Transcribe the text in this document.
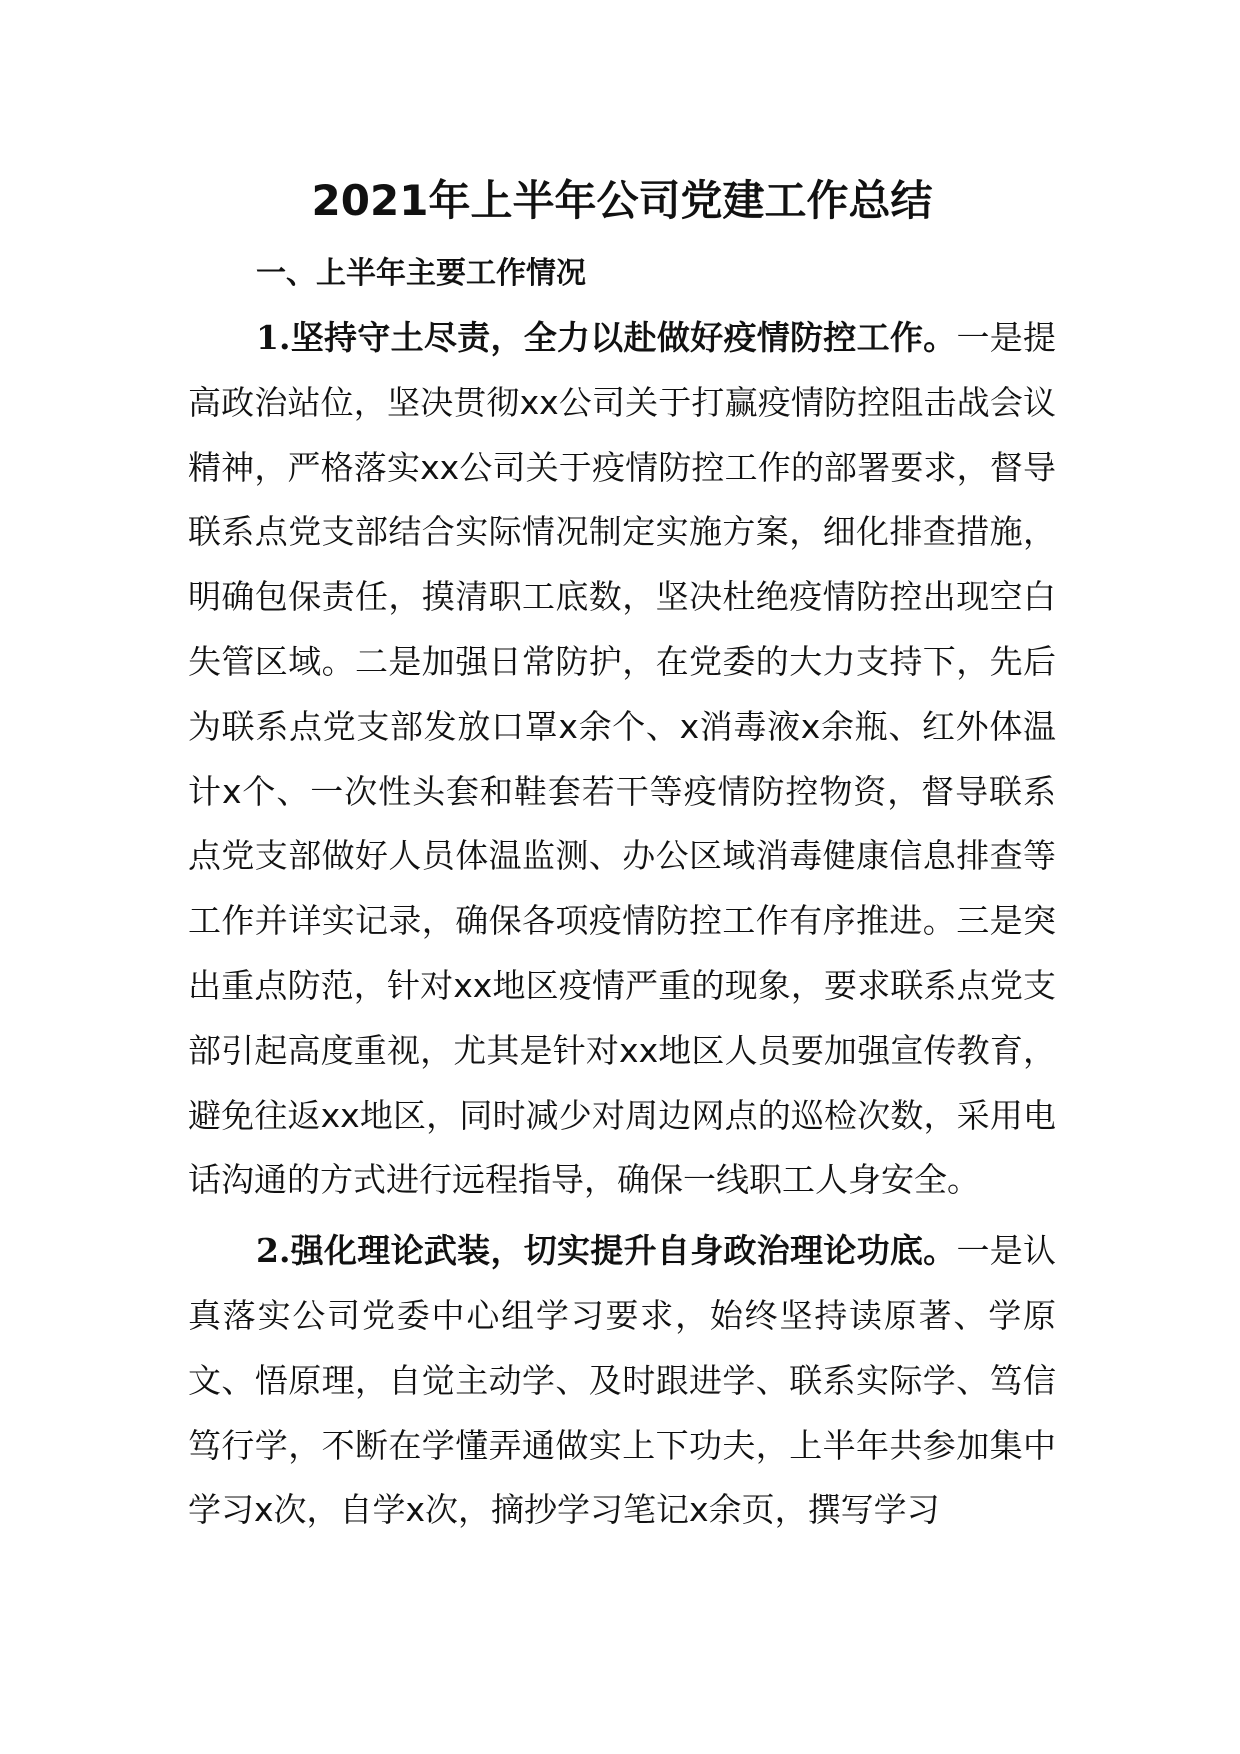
2021年上半年公司党建工作总结
一、上半年主要工作情况

1.坚持守土尽责，全力以赴做好疫情防控工作。一是提高政治站位，坚决贯彻xx公司关于打赢疫情防控阻击战会议精神，严格落实xx公司关于疫情防控工作的部署要求，督导联系点党支部结合实际情况制定实施方案，细化排查措施，明确包保责任，摸清职工底数，坚决杜绝疫情防控出现空白失管区域。二是加强日常防护，在党委的大力支持下，先后为联系点党支部发放口罩x余个、x消毒液x余瓶、红外体温计x个、一次性头套和鞋套若干等疫情防控物资，督导联系点党支部做好人员体温监测、办公区域消毒健康信息排查等工作并详实记录，确保各项疫情防控工作有序推进。三是突出重点防范，针对xx地区疫情严重的现象，要求联系点党支部引起高度重视，尤其是针对xx地区人员要加强宣传教育，避免往返xx地区，同时减少对周边网点的巡检次数，采用电话沟通的方式进行远程指导，确保一线职工人身安全。

2.强化理论武装，切实提升自身政治理论功底。一是认真落实公司党委中心组学习要求，始终坚持读原著、学原文、悟原理，自觉主动学、及时跟进学、联系实际学、笃信笃行学，不断在学懂弄通做实上下功夫，上半年共参加集中学习x次，自学x次，摘抄学习笔记x余页，撰写学习
